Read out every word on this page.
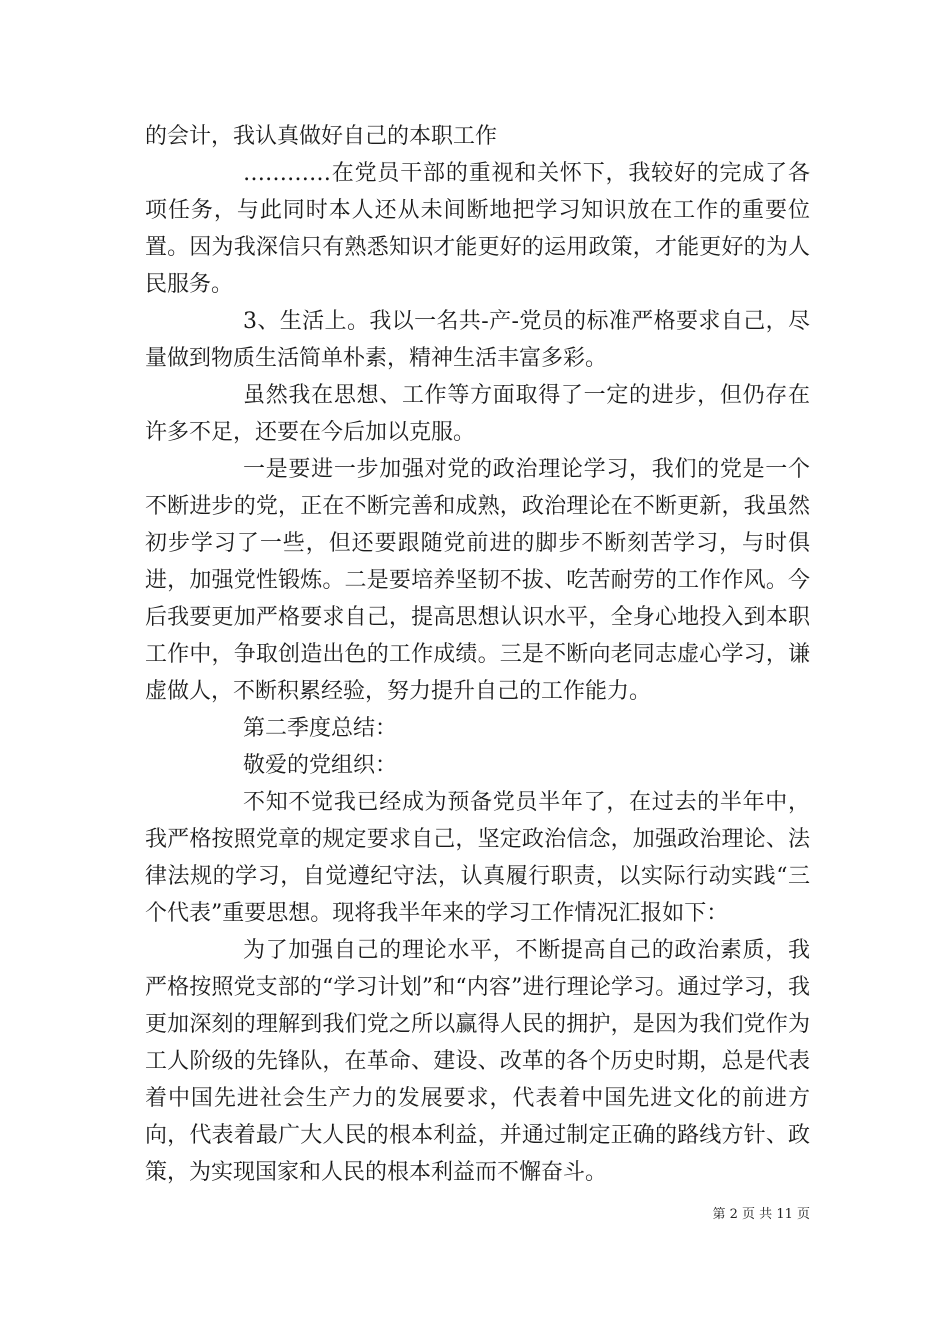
的会计，我认真做好自己的本职工作

…………在党员干部的重视和关怀下，我较好的完成了各项任务，与此同时本人还从未间断地把学习知识放在工作的重要位置。因为我深信只有熟悉知识才能更好的运用政策，才能更好的为人民服务。

3、生活上。我以一名共-产-党员的标准严格要求自己，尽量做到物质生活简单朴素，精神生活丰富多彩。

虽然我在思想、工作等方面取得了一定的进步，但仍存在许多不足，还要在今后加以克服。

一是要进一步加强对党的政治理论学习，我们的党是一个不断进步的党，正在不断完善和成熟，政治理论在不断更新，我虽然初步学习了一些，但还要跟随党前进的脚步不断刻苦学习，与时俱进，加强党性锻炼。二是要培养坚韧不拔、吃苦耐劳的工作作风。今后我要更加严格要求自己，提高思想认识水平，全身心地投入到本职工作中，争取创造出色的工作成绩。三是不断向老同志虚心学习，谦虚做人，不断积累经验，努力提升自己的工作能力。

第二季度总结：

敬爱的党组织：

不知不觉我已经成为预备党员半年了，在过去的半年中，我严格按照党章的规定要求自己，坚定政治信念，加强政治理论、法律法规的学习，自觉遵纪守法，认真履行职责，以实际行动实践“三个代表”重要思想。现将我半年来的学习工作情况汇报如下：

为了加强自己的理论水平，不断提高自己的政治素质，我严格按照党支部的“学习计划”和“内容”进行理论学习。通过学习，我更加深刻的理解到我们党之所以赢得人民的拥护，是因为我们党作为工人阶级的先锋队，在革命、建设、改革的各个历史时期，总是代表着中国先进社会生产力的发展要求，代表着中国先进文化的前进方向，代表着最广大人民的根本利益，并通过制定正确的路线方针、政策，为实现国家和人民的根本利益而不懈奋斗。

第 2 页 共 11 页
